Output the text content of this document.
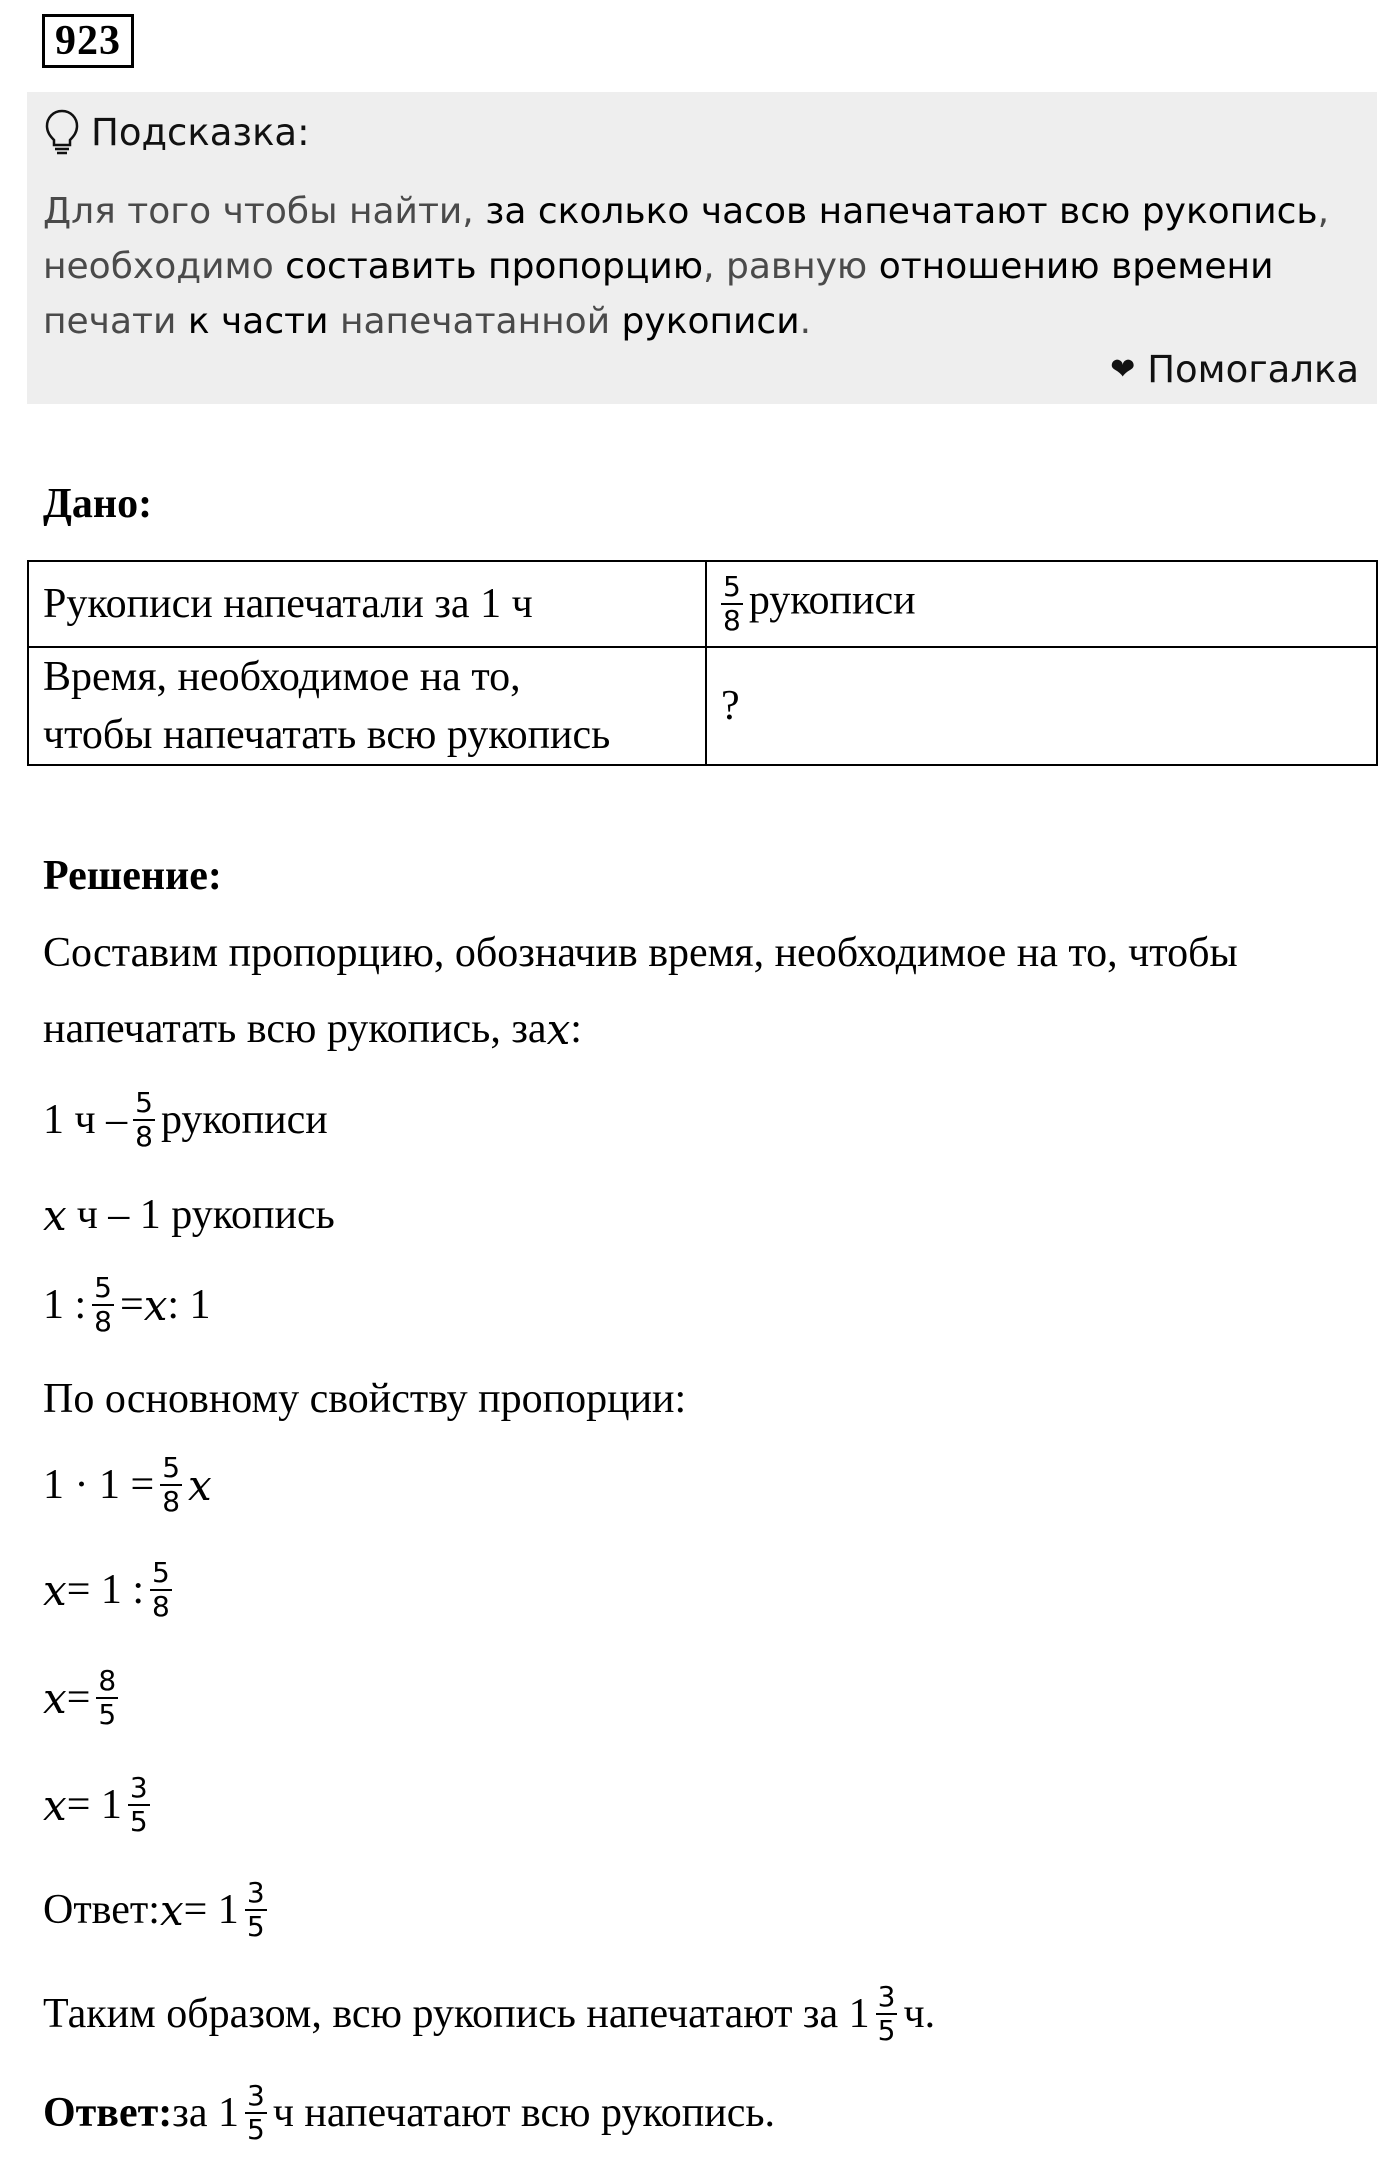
923
Подсказка:
Для того чтобы найти, за сколько часов напечатают всю рукопись,
необходимо составить пропорцию, равную отношению времени
печати к части напечатанной рукописи.
❤ Помогалка
Дано:
Рукописи напечатали за 1 ч	$\frac{5}{8}$ рукописи
Время, необходимое на то,
чтобы напечатать всю рукопись	?
Решение:
Составим пропорцию, обозначив время, необходимое на то, чтобы
напечатать всю рукопись, за x :
1 ч – $\frac{5}{8}$ рукописи
x ч – 1 рукопись
1 : $\frac{5}{8} = x$ : 1
По основному свойству пропорции:
$1 \cdot 1 = \frac{5}{8}$ x
x = 1 : $\frac{5}{8}$
$x = \frac{8}{5}$
$x = 1 \frac{3}{5}$
Ответ: $x = 1 \frac{3}{5}$
Таким образом, всю рукопись напечатают за $1 \frac{3}{5} ч$.
Ответ: за $1 \frac{3}{5}$ ч напечатают всю рукопись.
